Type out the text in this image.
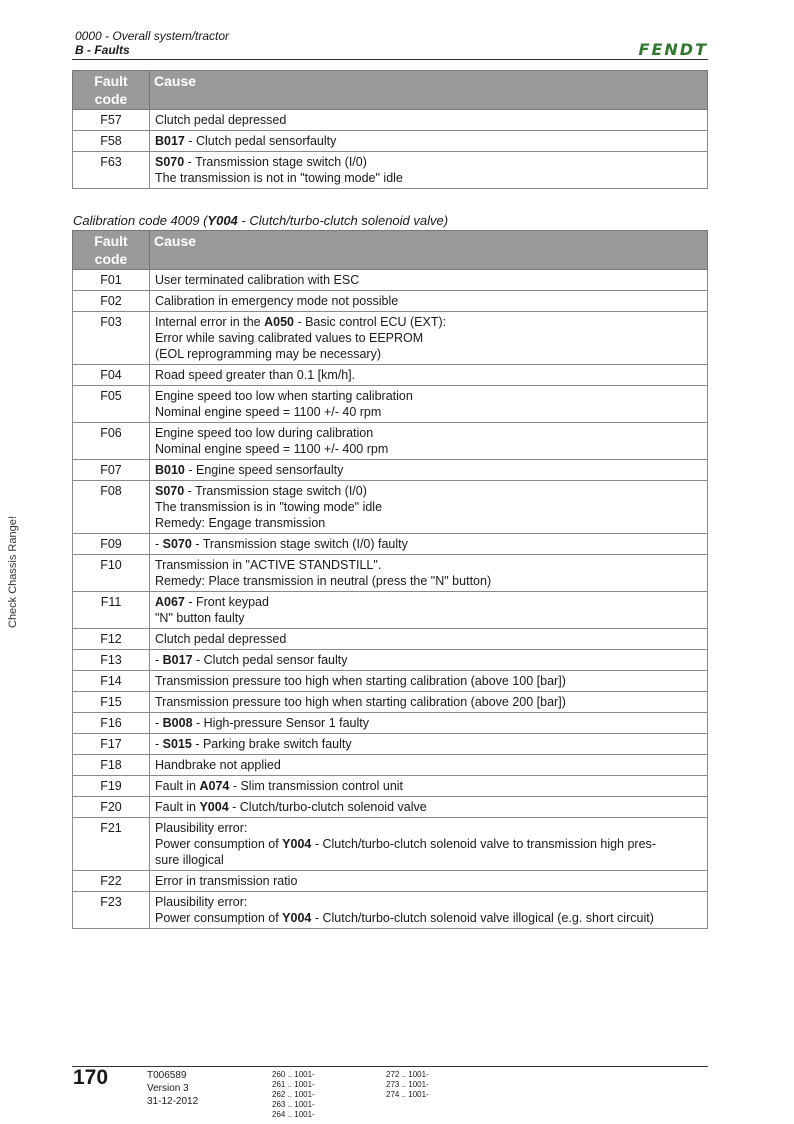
0000 - Overall system/tractor
B - Faults	FENDT
Fault code	Cause
F57	Clutch pedal depressed

F58	B017 - Clutch pedal sensorfaulty

F63	S070 - Transmission stage switch (I/0)
The transmission is not in "towing mode" idle
Calibration code 4009 (Y004 - Clutch/turbo-clutch solenoid valve)
Fault code	Cause
F01	User terminated calibration with ESC

F02	Calibration in emergency mode not possible

F03	Internal error in the A050 - Basic control ECU (EXT):
Error while saving calibrated values to EEPROM
(EOL reprogramming may be necessary)

F04	Road speed greater than 0.1 [km/h].

F05	Engine speed too low when starting calibration
Nominal engine speed = 1100 +/- 40 rpm

F06	Engine speed too low during calibration
Nominal engine speed = 1100 +/- 400 rpm

F07	B010 - Engine speed sensorfaulty

F08	S070 - Transmission stage switch (I/0)
The transmission is in "towing mode" idle
Remedy: Engage transmission

F09	- S070 - Transmission stage switch (I/0) faulty

F10	Transmission in "ACTIVE STANDSTILL".
Remedy: Place transmission in neutral (press the "N" button)

F11	A067 - Front keypad
"N" button faulty

F12	Clutch pedal depressed

F13	- B017 - Clutch pedal sensor faulty

F14	Transmission pressure too high when starting calibration (above 100 [bar])

F15	Transmission pressure too high when starting calibration (above 200 [bar])

F16	- B008 - High-pressure Sensor 1 faulty

F17	- S015 - Parking brake switch faulty

F18	Handbrake not applied

F19	Fault in A074 - Slim transmission control unit

F20	Fault in Y004 - Clutch/turbo-clutch solenoid valve

F21	Plausibility error:
Power consumption of Y004 - Clutch/turbo-clutch solenoid valve to transmission high pres-
sure illogical

F22	Error in transmission ratio

F23	Plausibility error:
Power consumption of Y004 - Clutch/turbo-clutch solenoid valve illogical (e.g. short circuit)
Check Chassis Range!
170	T006589
Version 3
31-12-2012
260 .. 1001-
261 .. 1001-
262 .. 1001-
263 .. 1001-
264 .. 1001-
272 .. 1001-
273 .. 1001-
274 .. 1001-
